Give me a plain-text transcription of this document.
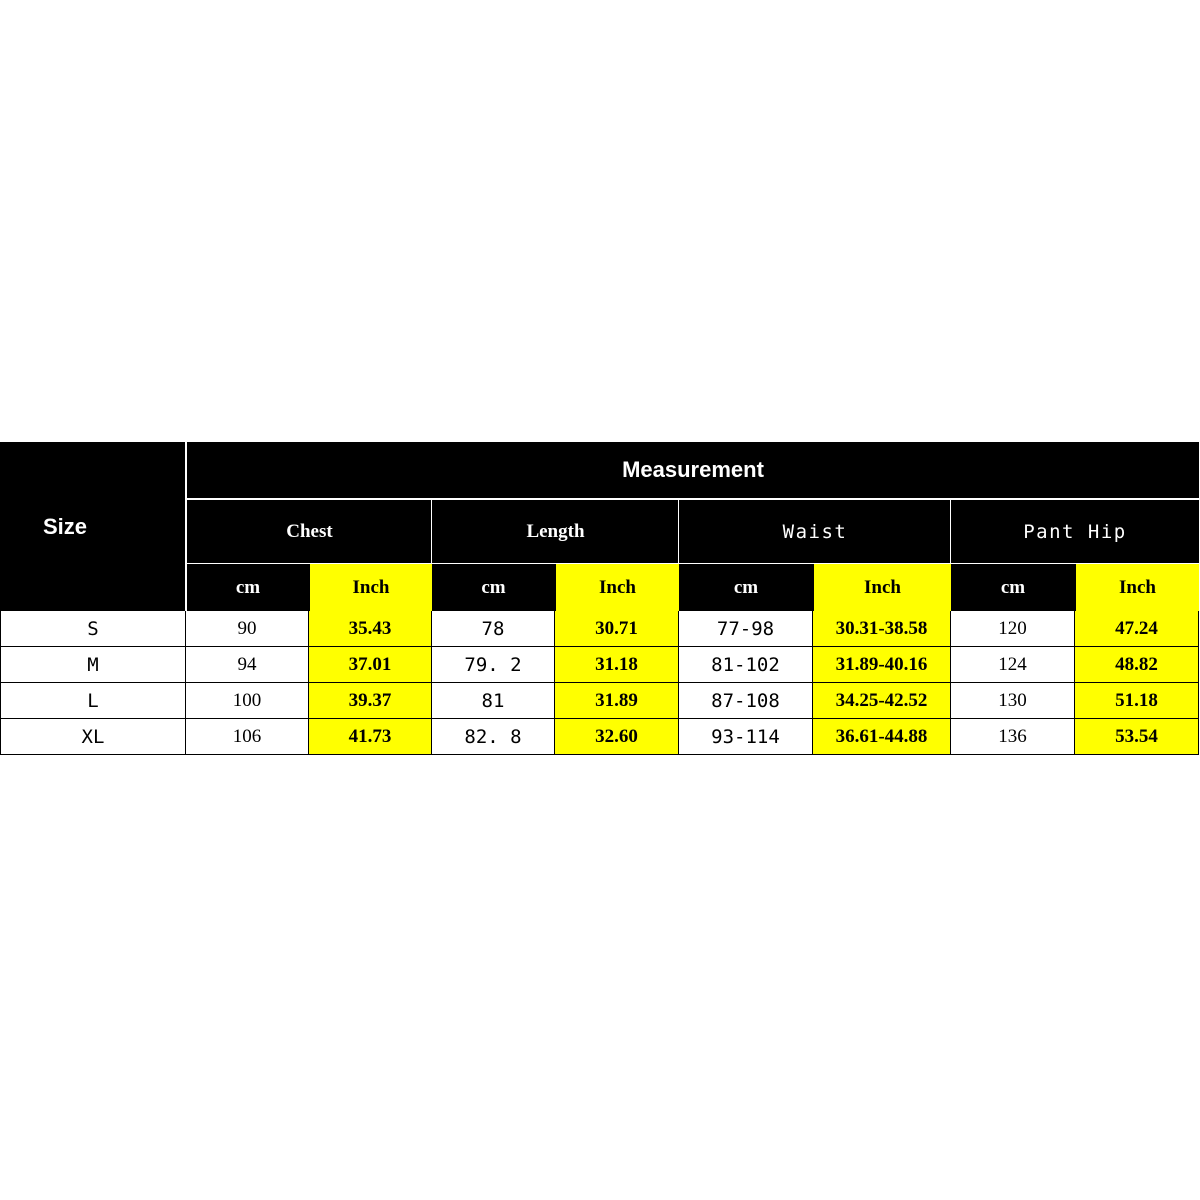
Size
Measurement
Chest	Length	Waist	Pant Hip
cm	Inch	cm	Inch	cm	Inch	cm	Inch
S	90	35.43	78	30.71	77-98	30.31-38.58	120	47.24
M	94	37.01	79. 2	31.18	81-102	31.89-40.16	124	48.82
L	100	39.37	81	31.89	87-108	34.25-42.52	130	51.18
XL	106	41.73	82. 8	32.60	93-114	36.61-44.88	136	53.54
